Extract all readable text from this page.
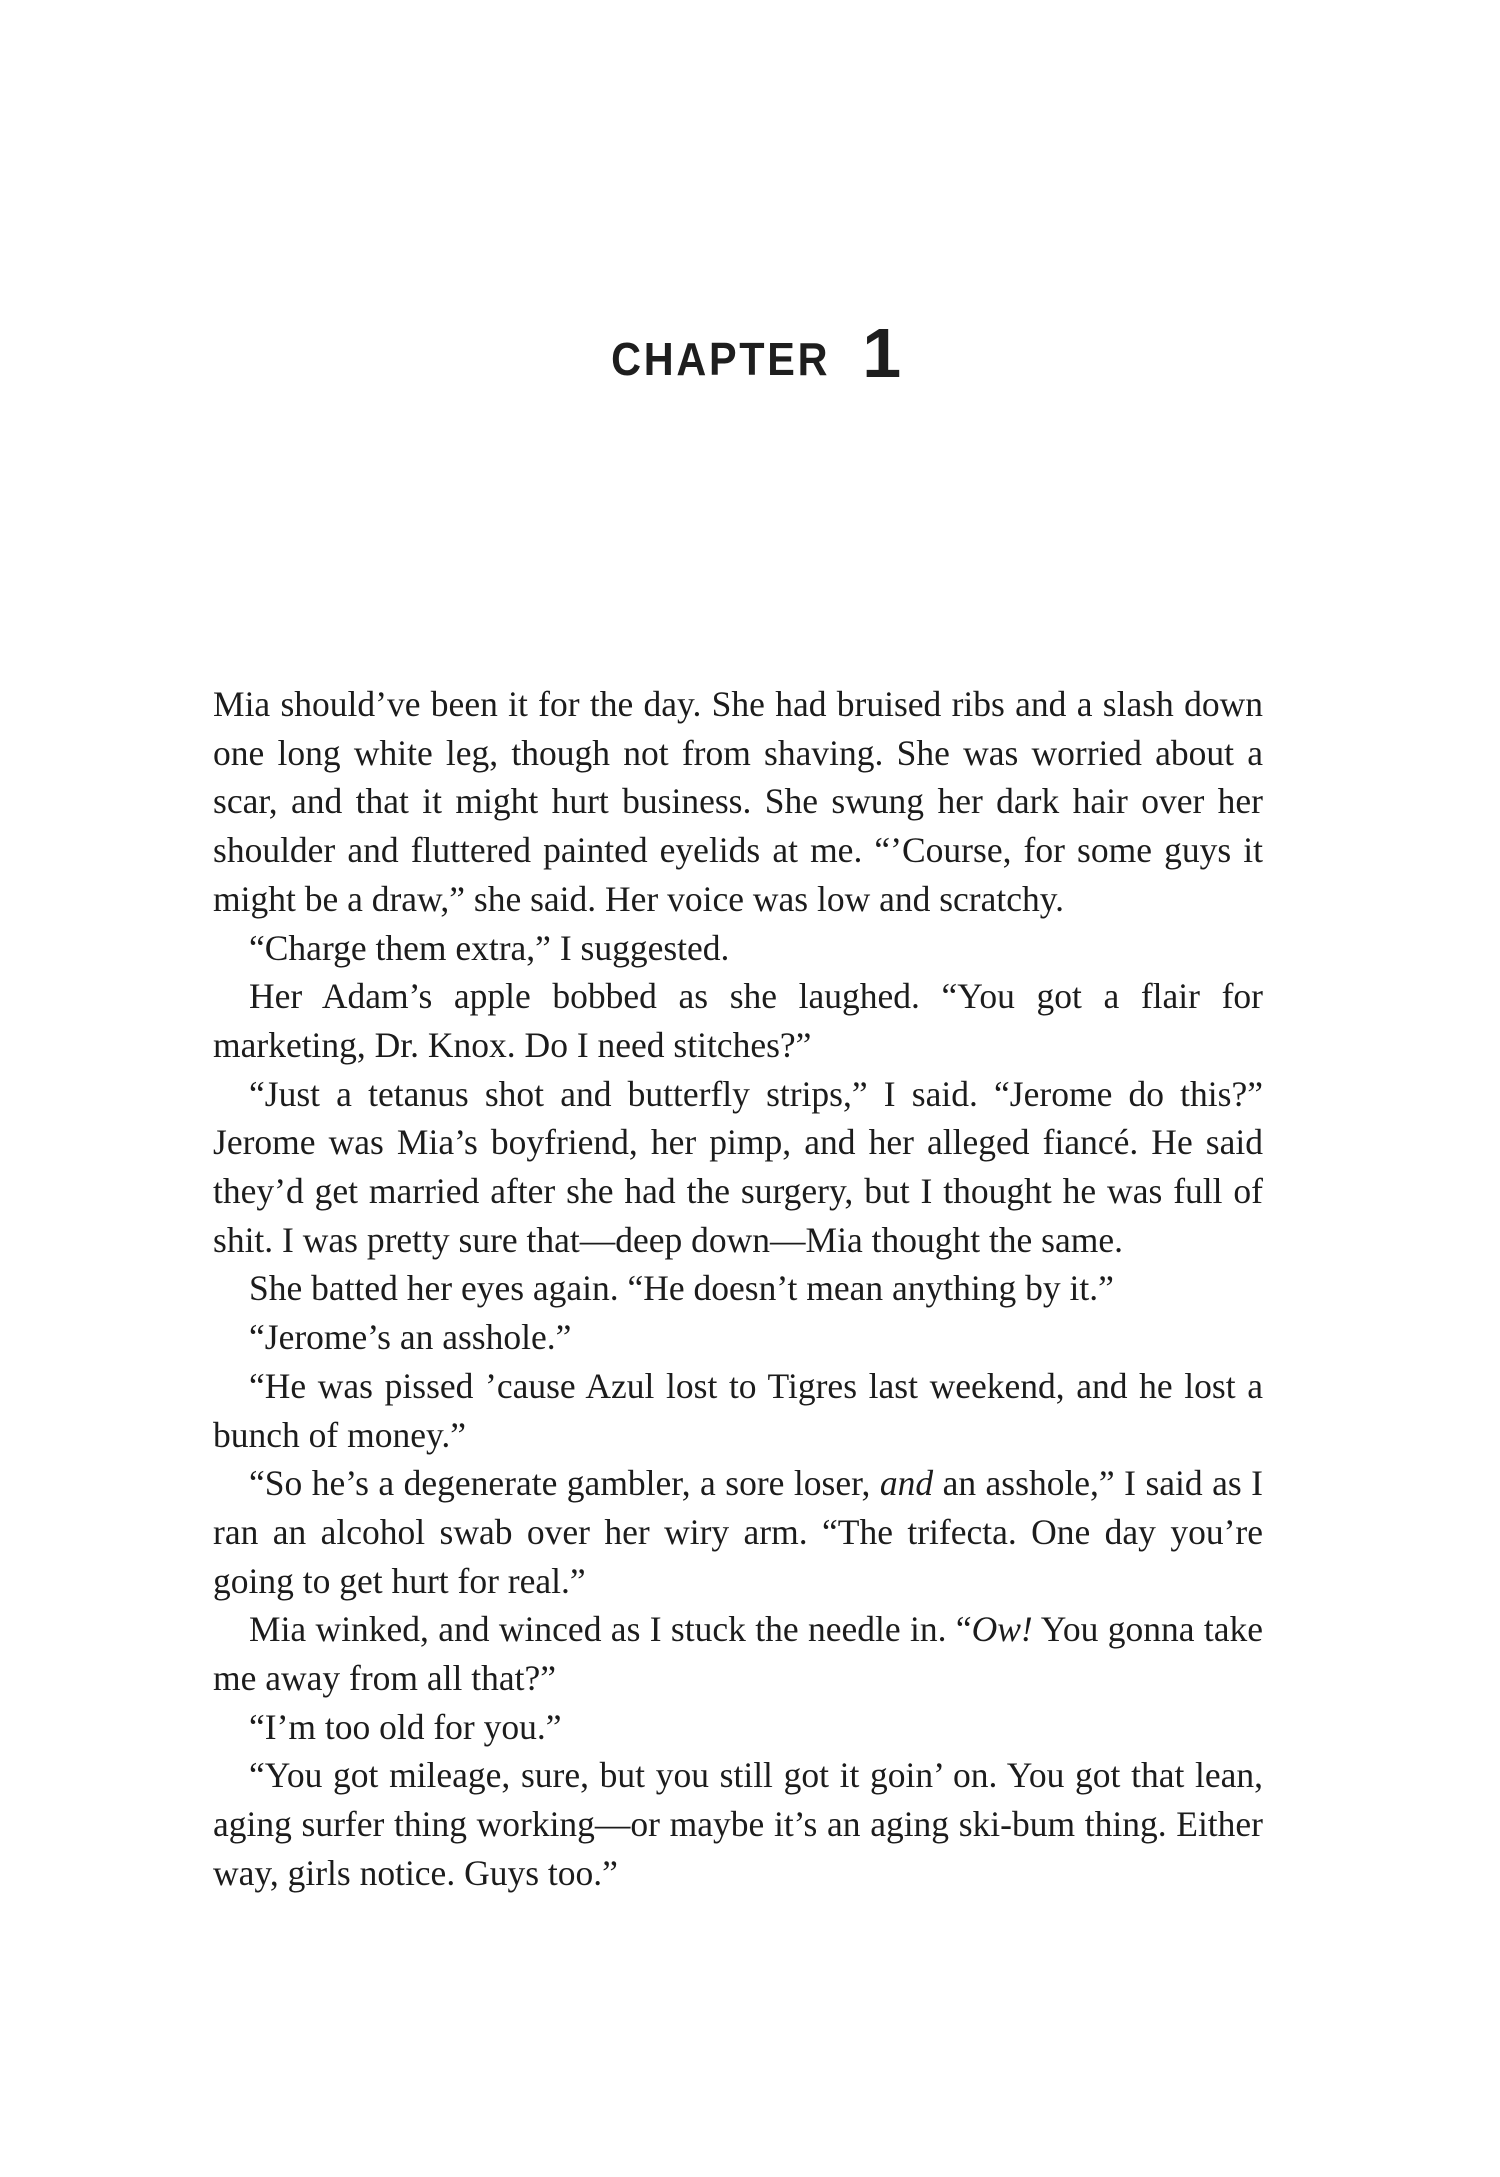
CHAPTER 1

Mia should’ve been it for the day. She had bruised ribs and a slash down one long white leg, though not from shaving. She was worried about a scar, and that it might hurt business. She swung her dark hair over her shoulder and fluttered painted eyelids at me. “’Course, for some guys it might be a draw,” she said. Her voice was low and scratchy.

“Charge them extra,” I suggested.

Her Adam’s apple bobbed as she laughed. “You got a flair for marketing, Dr. Knox. Do I need stitches?”

“Just a tetanus shot and butterfly strips,” I said. “Jerome do this?” Jerome was Mia’s boyfriend, her pimp, and her alleged fiancé. He said they’d get married after she had the surgery, but I thought he was full of shit. I was pretty sure that—deep down—Mia thought the same.

She batted her eyes again. “He doesn’t mean anything by it.”

“Jerome’s an asshole.”

“He was pissed ’cause Azul lost to Tigres last weekend, and he lost a bunch of money.”

“So he’s a degenerate gambler, a sore loser, and an asshole,” I said as I ran an alcohol swab over her wiry arm. “The trifecta. One day you’re going to get hurt for real.”

Mia winked, and winced as I stuck the needle in. “Ow! You gonna take me away from all that?”

“I’m too old for you.”

“You got mileage, sure, but you still got it goin’ on. You got that lean, aging surfer thing working—or maybe it’s an aging ski-bum thing. Either way, girls notice. Guys too.”
